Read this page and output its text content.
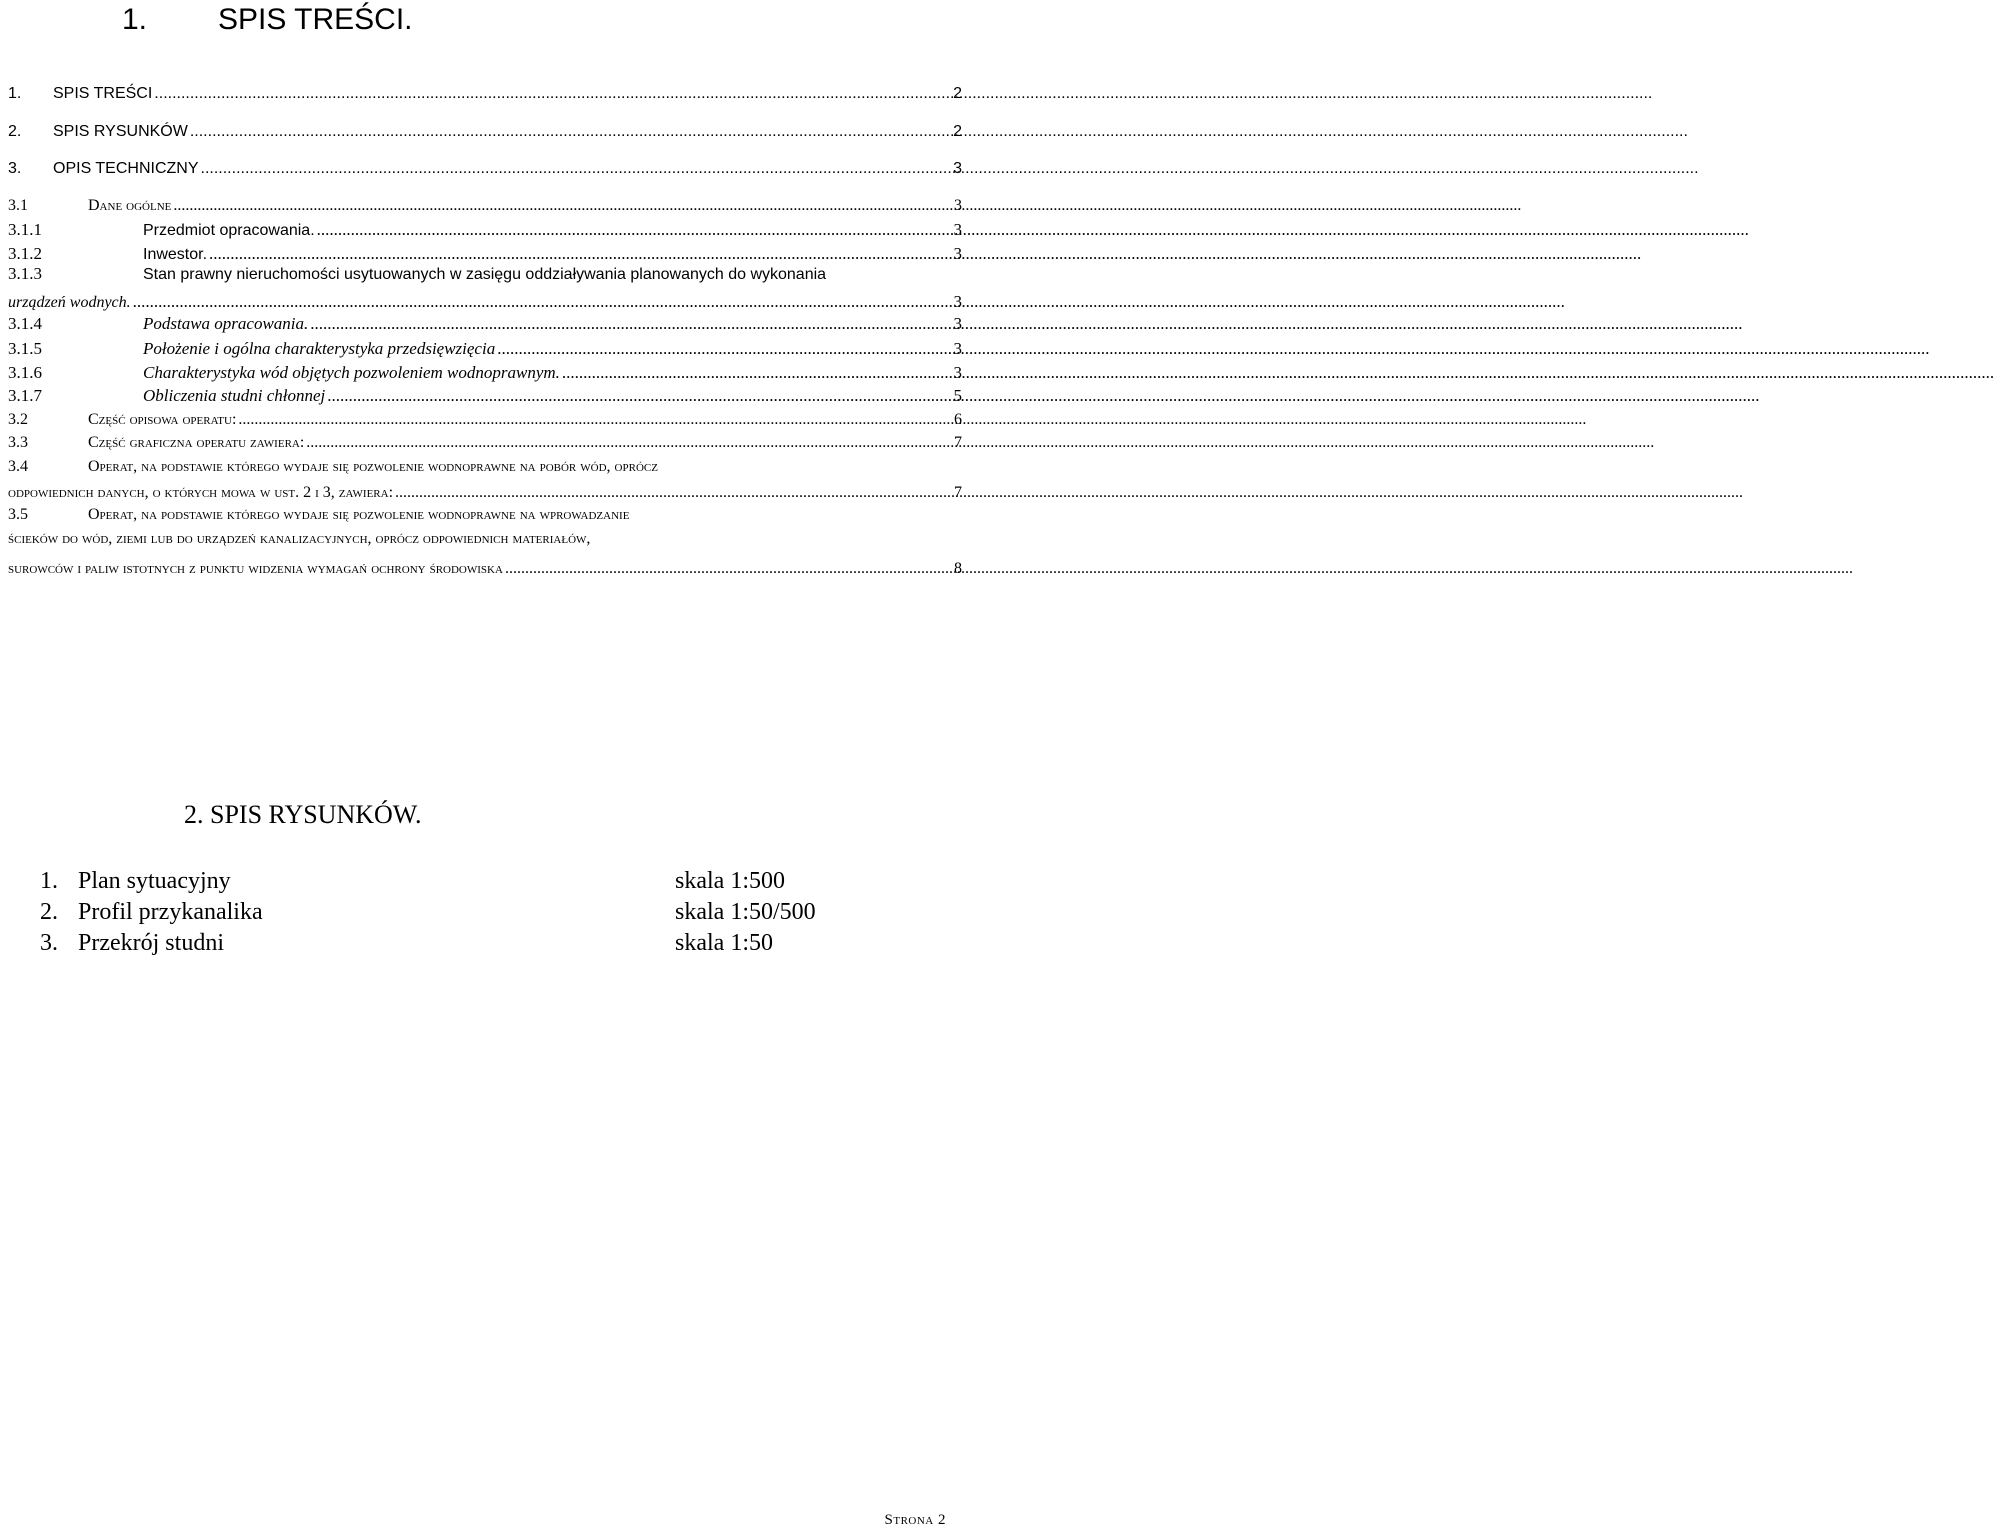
1. SPIS TREŚCI.
1.	SPIS TREŚCI .....	2
2.	SPIS RYSUNKÓW .....	2
3.	OPIS TECHNICZNY .....	3
3.1	Dane ogólne .....	3
3.1.1	Przedmiot opracowania. .....	3
3.1.2	Inwestor. .....	3
3.1.3	Stan prawny nieruchomości usytuowanych w zasięgu oddziaływania planowanych do wykonania
urządzeń wodnych. .....	3
3.1.4	Podstawa opracowania. .....	3
3.1.5	Położenie i ogólna charakterystyka przedsięwzięcia .....	3
3.1.6	Charakterystyka wód objętych pozwoleniem wodnoprawnym. .....	3
3.1.7	Obliczenia studni chłonnej .....	5
3.2	Część opisowa operatu: .....	6
3.3	Część graficzna operatu zawiera: .....	7
3.4	Operat, na podstawie którego wydaje się pozwolenie wodnoprawne na pobór wód, oprócz
odpowiednich danych, o których mowa w ust. 2 i 3, zawiera: .....	7
3.5	Operat, na podstawie którego wydaje się pozwolenie wodnoprawne na wprowadzanie
ścieków do wód, ziemi lub do urządzeń kanalizacyjnych, oprócz odpowiednich materiałów,
surowców i paliw istotnych z punktu widzenia wymagań ochrony środowiska .....	8
2. SPIS RYSUNKÓW.
1. Plan sytuacyjny	skala 1:500
2. Profil przykanalika	skala 1:50/500
3. Przekrój studni	skala 1:50
Strona 2
